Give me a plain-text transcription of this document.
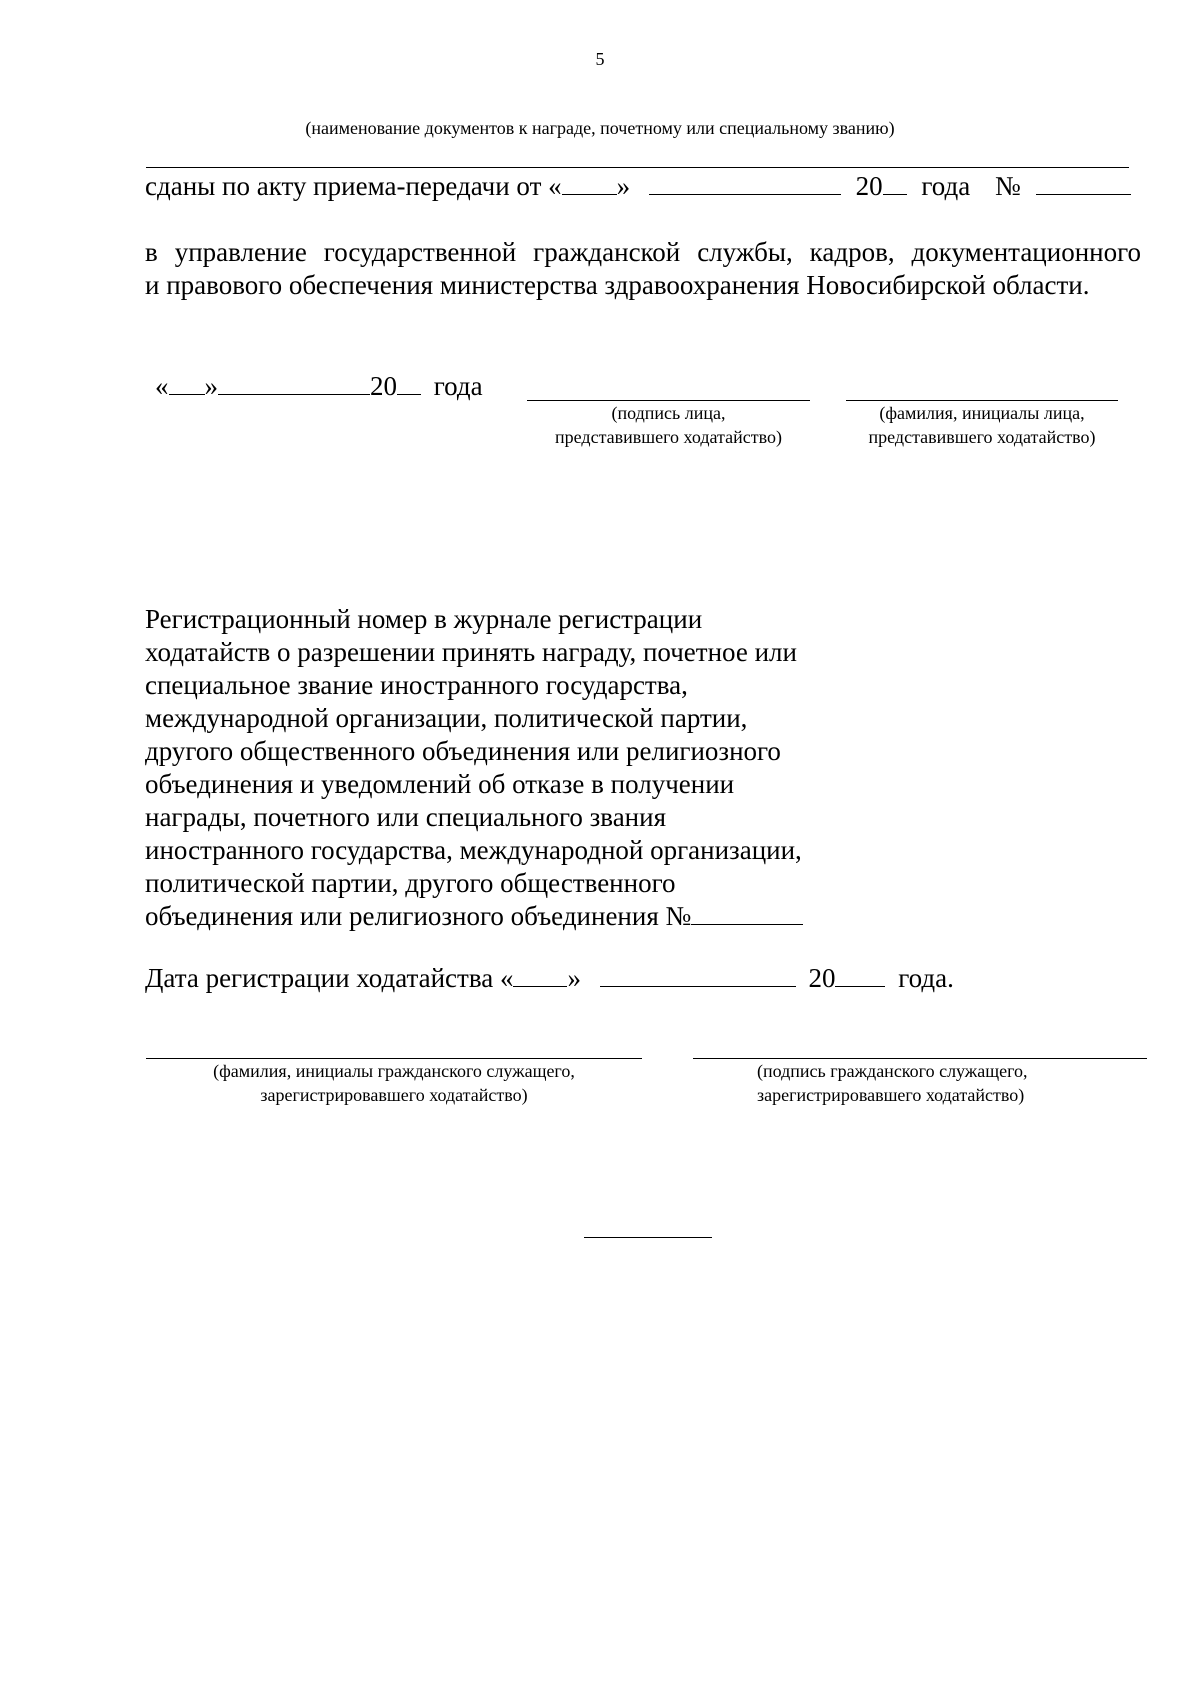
5
(наименование документов к награде, почетному или специальному званию)
сданы по акту приема-передачи от « »	20 года №
в управление государственной гражданской службы, кадров, документационного
и правового обеспечения министерства здравоохранения Новосибирской области.
« »	20 года
(подпись лица,
представившего ходатайство)
(фамилия, инициалы лица,
представившего ходатайство)
Регистрационный номер в журнале регистрации
ходатайств о разрешении принять награду, почетное или
специальное звание иностранного государства,
международной организации, политической партии,
другого общественного объединения или религиозного
объединения и уведомлений об отказе в получении
награды, почетного или специального звания
иностранного государства, международной организации,
политической партии, другого общественного
объединения или религиозного объединения №
Дата регистрации ходатайства « »	20 года.
(фамилия, инициалы гражданского служащего,
зарегистрировавшего ходатайство)
(подпись гражданского служащего,
зарегистрировавшего ходатайство)
